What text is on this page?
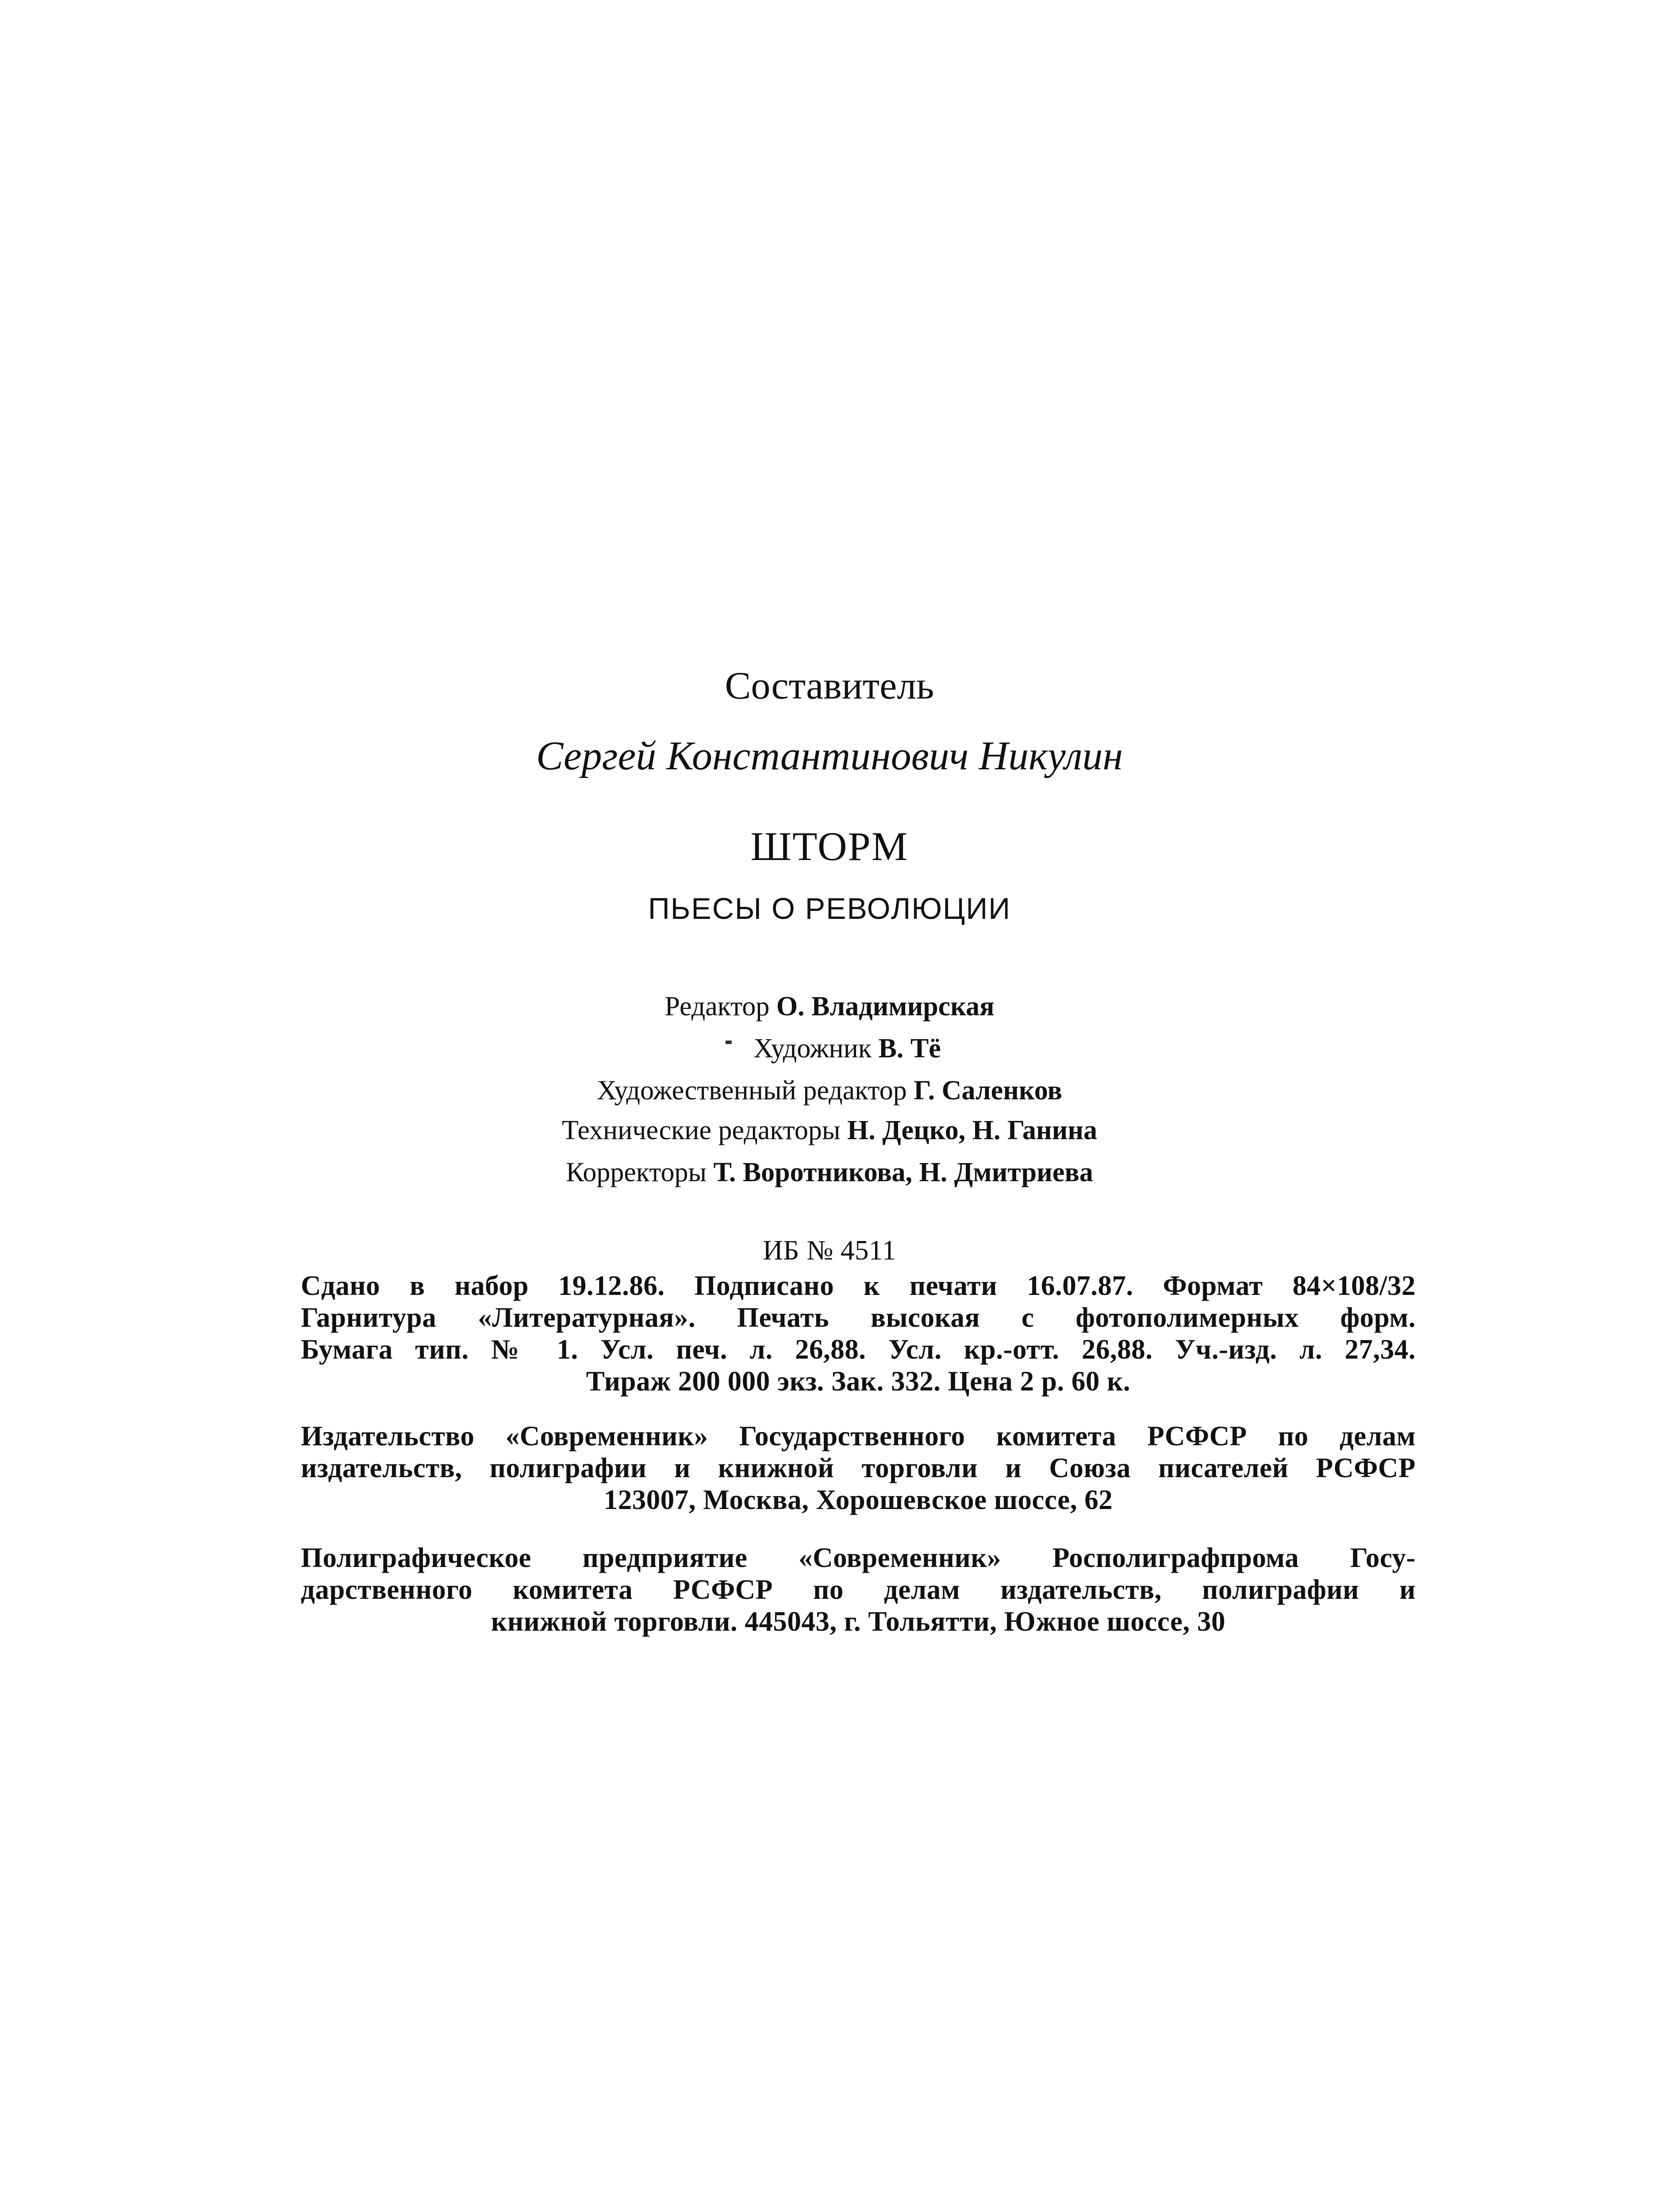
Составитель
Сергей Константинович Никулин
ШТОРМ
ПЬЕСЫ О РЕВОЛЮЦИИ
Редактор О. Владимирская
Художник В. Тё
Художественный редактор Г. Саленков
Технические редакторы Н. Децко, Н. Ганина
Корректоры Т. Воротникова, Н. Дмитриева
ИБ № 4511
Сдано в набор 19.12.86. Подписано к печати 16.07.87. Формат 84×108/32
Гарнитура «Литературная». Печать высокая с фотополимерных форм.
Бумага тип. № 1. Усл. печ. л. 26,88. Усл. кр.-отт. 26,88. Уч.-изд. л. 27,34.
Тираж 200 000 экз. Зак. 332. Цена 2 р. 60 к.
Издательство «Современник» Государственного комитета РСФСР по делам
издательств, полиграфии и книжной торговли и Союза писателей РСФСР
123007, Москва, Хорошевское шоссе, 62
Полиграфическое предприятие «Современник» Росполиграфпрома Госу-
дарственного комитета РСФСР по делам издательств, полиграфии и
книжной торговли. 445043, г. Тольятти, Южное шоссе, 30
